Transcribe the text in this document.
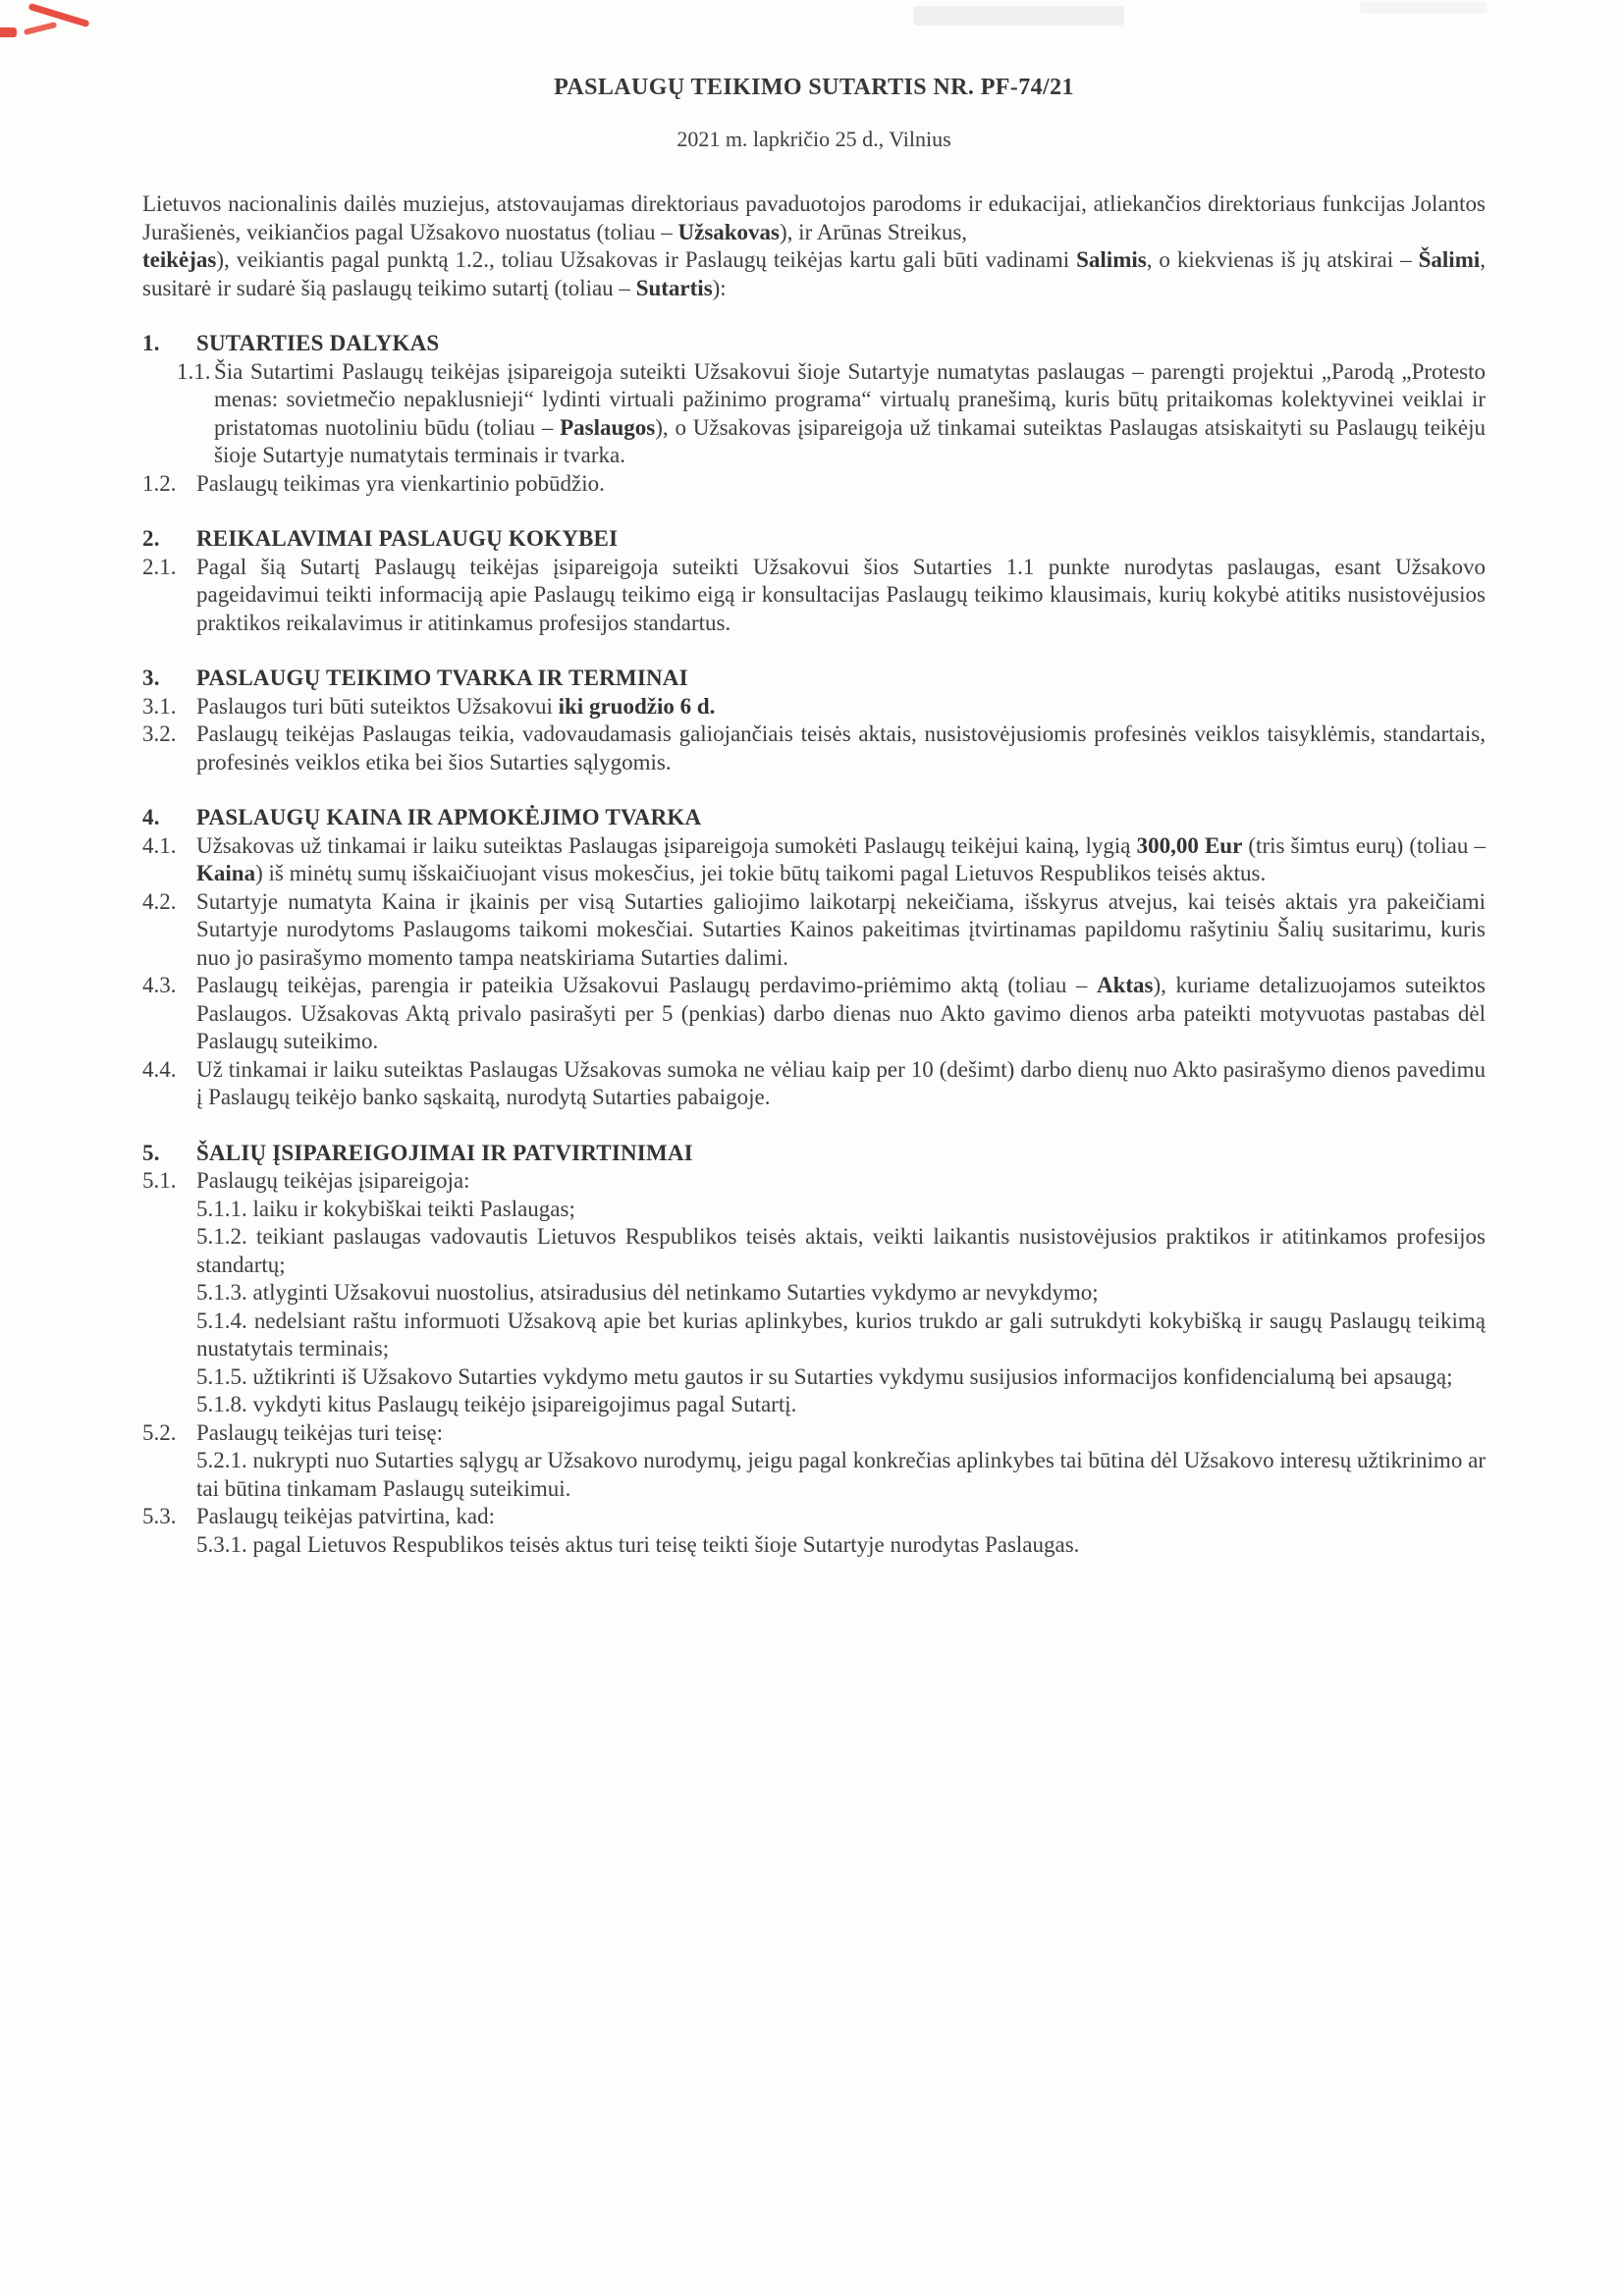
PASLAUGŲ TEIKIMO SUTARTIS NR. PF-74/21
2021 m. lapkričio 25 d., Vilnius

Lietuvos nacionalinis dailės muziejus, atstovaujamas direktoriaus pavaduotojos parodoms ir edukacijai, atliekančios direktoriaus funkcijas Jolantos Jurašienės, veikiančios pagal Užsakovo nuostatus (toliau – Užsakovas), ir Arūnas Streikus,

teikėjas), veikiantis pagal punktą 1.2., toliau Užsakovas ir Paslaugų teikėjas kartu gali būti vadinami Salimis, o kiekvienas iš jų atskirai – Šalimi, susitarė ir sudarė šią paslaugų teikimo sutartį (toliau – Sutartis):

1.	SUTARTIES DALYKAS
1.1. Šia Sutartimi Paslaugų teikėjas įsipareigoja suteikti Užsakovui šioje Sutartyje numatytas paslaugas – parengti projektui „Parodą „Protesto menas: sovietmečio nepaklusnieji“ lydinti virtuali pažinimo programa“ virtualų pranešimą, kuris būtų pritaikomas kolektyvinei veiklai ir pristatomas nuotoliniu būdu (toliau – Paslaugos), o Užsakovas įsipareigoja už tinkamai suteiktas Paslaugas atsiskaityti su Paslaugų teikėju šioje Sutartyje numatytais terminais ir tvarka.

1.2. Paslaugų teikimas yra vienkartinio pobūdžio.

2.	REIKALAVIMAI PASLAUGŲ KOKYBEI
2.1. Pagal šią Sutartį Paslaugų teikėjas įsipareigoja suteikti Užsakovui šios Sutarties 1.1 punkte nurodytas paslaugas, esant Užsakovo pageidavimui teikti informaciją apie Paslaugų teikimo eigą ir konsultacijas Paslaugų teikimo klausimais, kurių kokybė atitiks nusistovėjusios praktikos reikalavimus ir atitinkamus profesijos standartus.

3.	PASLAUGŲ TEIKIMO TVARKA IR TERMINAI
3.1. Paslaugos turi būti suteiktos Užsakovui iki gruodžio 6 d.

3.2. Paslaugų teikėjas Paslaugas teikia, vadovaudamasis galiojančiais teisės aktais, nusistovėjusiomis profesinės veiklos taisyklėmis, standartais, profesinės veiklos etika bei šios Sutarties sąlygomis.

4.	PASLAUGŲ KAINA IR APMOKĖJIMO TVARKA
4.1. Užsakovas už tinkamai ir laiku suteiktas Paslaugas įsipareigoja sumokėti Paslaugų teikėjui kainą, lygią 300,00 Eur (tris šimtus eurų) (toliau – Kaina) iš minėtų sumų išskaičiuojant visus mokesčius, jei tokie būtų taikomi pagal Lietuvos Respublikos teisės aktus.

4.2. Sutartyje numatyta Kaina ir įkainis per visą Sutarties galiojimo laikotarpį nekeičiama, išskyrus atvejus, kai teisės aktais yra pakeičiami Sutartyje nurodytoms Paslaugoms taikomi mokesčiai. Sutarties Kainos pakeitimas įtvirtinamas papildomu rašytiniu Šalių susitarimu, kuris nuo jo pasirašymo momento tampa neatskiriama Sutarties dalimi.

4.3. Paslaugų teikėjas, parengia ir pateikia Užsakovui Paslaugų perdavimo-priėmimo aktą (toliau – Aktas), kuriame detalizuojamos suteiktos Paslaugos. Užsakovas Aktą privalo pasirašyti per 5 (penkias) darbo dienas nuo Akto gavimo dienos arba pateikti motyvuotas pastabas dėl Paslaugų suteikimo.

4.4. Už tinkamai ir laiku suteiktas Paslaugas Užsakovas sumoka ne vėliau kaip per 10 (dešimt) darbo dienų nuo Akto pasirašymo dienos pavedimu į Paslaugų teikėjo banko sąskaitą, nurodytą Sutarties pabaigoje.

5.	ŠALIŲ ĮSIPAREIGOJIMAI IR PATVIRTINIMAI
5.1. Paslaugų teikėjas įsipareigoja:

5.1.1. laiku ir kokybiškai teikti Paslaugas;

5.1.2. teikiant paslaugas vadovautis Lietuvos Respublikos teisės aktais, veikti laikantis nusistovėjusios praktikos ir atitinkamos profesijos standartų;

5.1.3. atlyginti Užsakovui nuostolius, atsiradusius dėl netinkamo Sutarties vykdymo ar nevykdymo;

5.1.4. nedelsiant raštu informuoti Užsakovą apie bet kurias aplinkybes, kurios trukdo ar gali sutrukdyti kokybišką ir saugų Paslaugų teikimą nustatytais terminais;

5.1.5. užtikrinti iš Užsakovo Sutarties vykdymo metu gautos ir su Sutarties vykdymu susijusios informacijos konfidencialumą bei apsaugą;

5.1.8. vykdyti kitus Paslaugų teikėjo įsipareigojimus pagal Sutartį.

5.2. Paslaugų teikėjas turi teisę:

5.2.1. nukrypti nuo Sutarties sąlygų ar Užsakovo nurodymų, jeigu pagal konkrečias aplinkybes tai būtina dėl Užsakovo interesų užtikrinimo ar tai būtina tinkamam Paslaugų suteikimui.

5.3. Paslaugų teikėjas patvirtina, kad:

5.3.1. pagal Lietuvos Respublikos teisės aktus turi teisę teikti šioje Sutartyje nurodytas Paslaugas.
